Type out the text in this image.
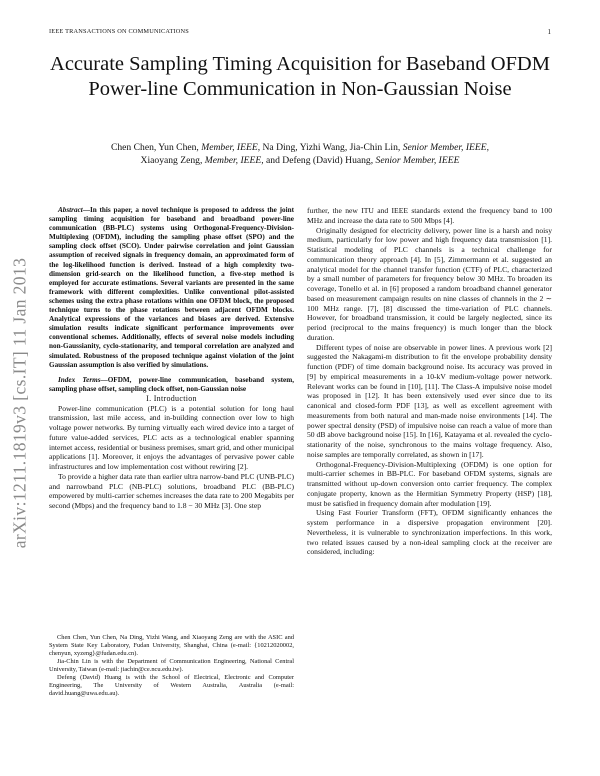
IEEE TRANSACTIONS ON COMMUNICATIONS	1
Accurate Sampling Timing Acquisition for Baseband OFDM Power-line Communication in Non-Gaussian Noise
Chen Chen, Yun Chen, Member, IEEE, Na Ding, Yizhi Wang, Jia-Chin Lin, Senior Member, IEEE,
Xiaoyang Zeng, Member, IEEE, and Defeng (David) Huang, Senior Member, IEEE
arXiv:1211.1819v3 [cs.IT] 11 Jan 2013

Abstract—In this paper, a novel technique is proposed to address the joint sampling timing acquisition for baseband and broadband power-line communication (BB-PLC) systems using Orthogonal-Frequency-Division-Multiplexing (OFDM), including the sampling phase offset (SPO) and the sampling clock offset (SCO). Under pairwise correlation and joint Gaussian assumption of received signals in frequency domain, an approximated form of the log-likelihood function is derived. Instead of a high complexity two-dimension grid-search on the likelihood function, a five-step method is employed for accurate estimations. Several variants are presented in the same framework with different complexities. Unlike conventional pilot-assisted schemes using the extra phase rotations within one OFDM block, the proposed technique turns to the phase rotations between adjacent OFDM blocks. Analytical expressions of the variances and biases are derived. Extensive simulation results indicate significant performance improvements over conventional schemes. Additionally, effects of several noise models including non-Gaussianity, cyclo-stationarity, and temporal correlation are analyzed and simulated. Robustness of the proposed technique against violation of the joint Gaussian assumption is also verified by simulations.

Index Terms—OFDM, power-line communication, baseband system, sampling phase offset, sampling clock offset, non-Gaussian noise

I. Introduction

Power-line communication (PLC) is a potential solution for long haul transmission, last mile access, and in-building connection over low to high voltage power networks. By turning virtually each wired device into a target of future value-added services, PLC acts as a technological enabler spanning internet access, residential or business premises, smart grid, and other municipal applications [1]. Moreover, it enjoys the advantages of pervasive power cable infrastructures and low implementation cost without rewiring [2].

To provide a higher data rate than earlier ultra narrow-band PLC (UNB-PLC) and narrowband PLC (NB-PLC) solutions, broadband PLC (BB-PLC) empowered by multi-carrier schemes increases the data rate to 200 Megabits per second (Mbps) and the frequency band to 1.8 − 30 MHz [3]. One step

further, the new ITU and IEEE standards extend the frequency band to 100 MHz and increase the data rate to 500 Mbps [4].

Originally designed for electricity delivery, power line is a harsh and noisy medium, particularly for low power and high frequency data transmission [1]. Statistical modeling of PLC channels is a technical challenge for communication theory approach [4]. In [5], Zimmermann et al. suggested an analytical model for the channel transfer function (CTF) of PLC, characterized by a small number of parameters for frequency below 30 MHz. To broaden its coverage, Tonello et al. in [6] proposed a random broadband channel generator based on measurement campaign results on nine classes of channels in the 2 ∼ 100 MHz range. [7], [8] discussed the time-variation of PLC channels. However, for broadband transmission, it could be largely neglected, since its period (reciprocal to the mains frequency) is much longer than the block duration.

Different types of noise are observable in power lines. A previous work [2] suggested the Nakagami-m distribution to fit the envelope probability density function (PDF) of time domain background noise. Its accuracy was proved in [9] by empirical measurements in a 10-kV medium-voltage power network. Relevant works can be found in [10], [11]. The Class-A impulsive noise model was proposed in [12]. It has been extensively used ever since due to its canonical and closed-form PDF [13], as well as excellent agreement with measurements from both natural and man-made noise environments [14]. The power spectral density (PSD) of impulsive noise can reach a value of more than 50 dB above background noise [15]. In [16], Katayama et al. revealed the cyclo-stationarity of the noise, synchronous to the mains voltage frequency. Also, noise samples are temporally correlated, as shown in [17].

Orthogonal-Frequency-Division-Multiplexing (OFDM) is one option for multi-carrier schemes in BB-PLC. For baseband OFDM systems, signals are transmitted without up-down conversion onto carrier frequency. The complex conjugate property, known as the Hermitian Symmetry Property (HSP) [18], must be satisfied in frequency domain after modulation [19].

Using Fast Fourier Transform (FFT), OFDM significantly enhances the system performance in a dispersive propagation environment [20]. Nevertheless, it is vulnerable to synchronization imperfections. In this work, two related issues caused by a non-ideal sampling clock at the receiver are considered, including:

Chen Chen, Yun Chen, Na Ding, Yizhi Wang, and Xiaoyang Zeng are with the ASIC and System State Key Laboratory, Fudan University, Shanghai, China (e-mail: {10212020002, chenyun, xyzeng}@fudan.edu.cn).

Jia-Chin Lin is with the Department of Communication Engineering, National Central University, Taiwan (e-mail: jiachin@ce.ncu.edu.tw).

Defeng (David) Huang is with the School of Electrical, Electronic and Computer Engineering, The University of Western Australia, Australia (e-mail: david.huang@uwa.edu.au).
